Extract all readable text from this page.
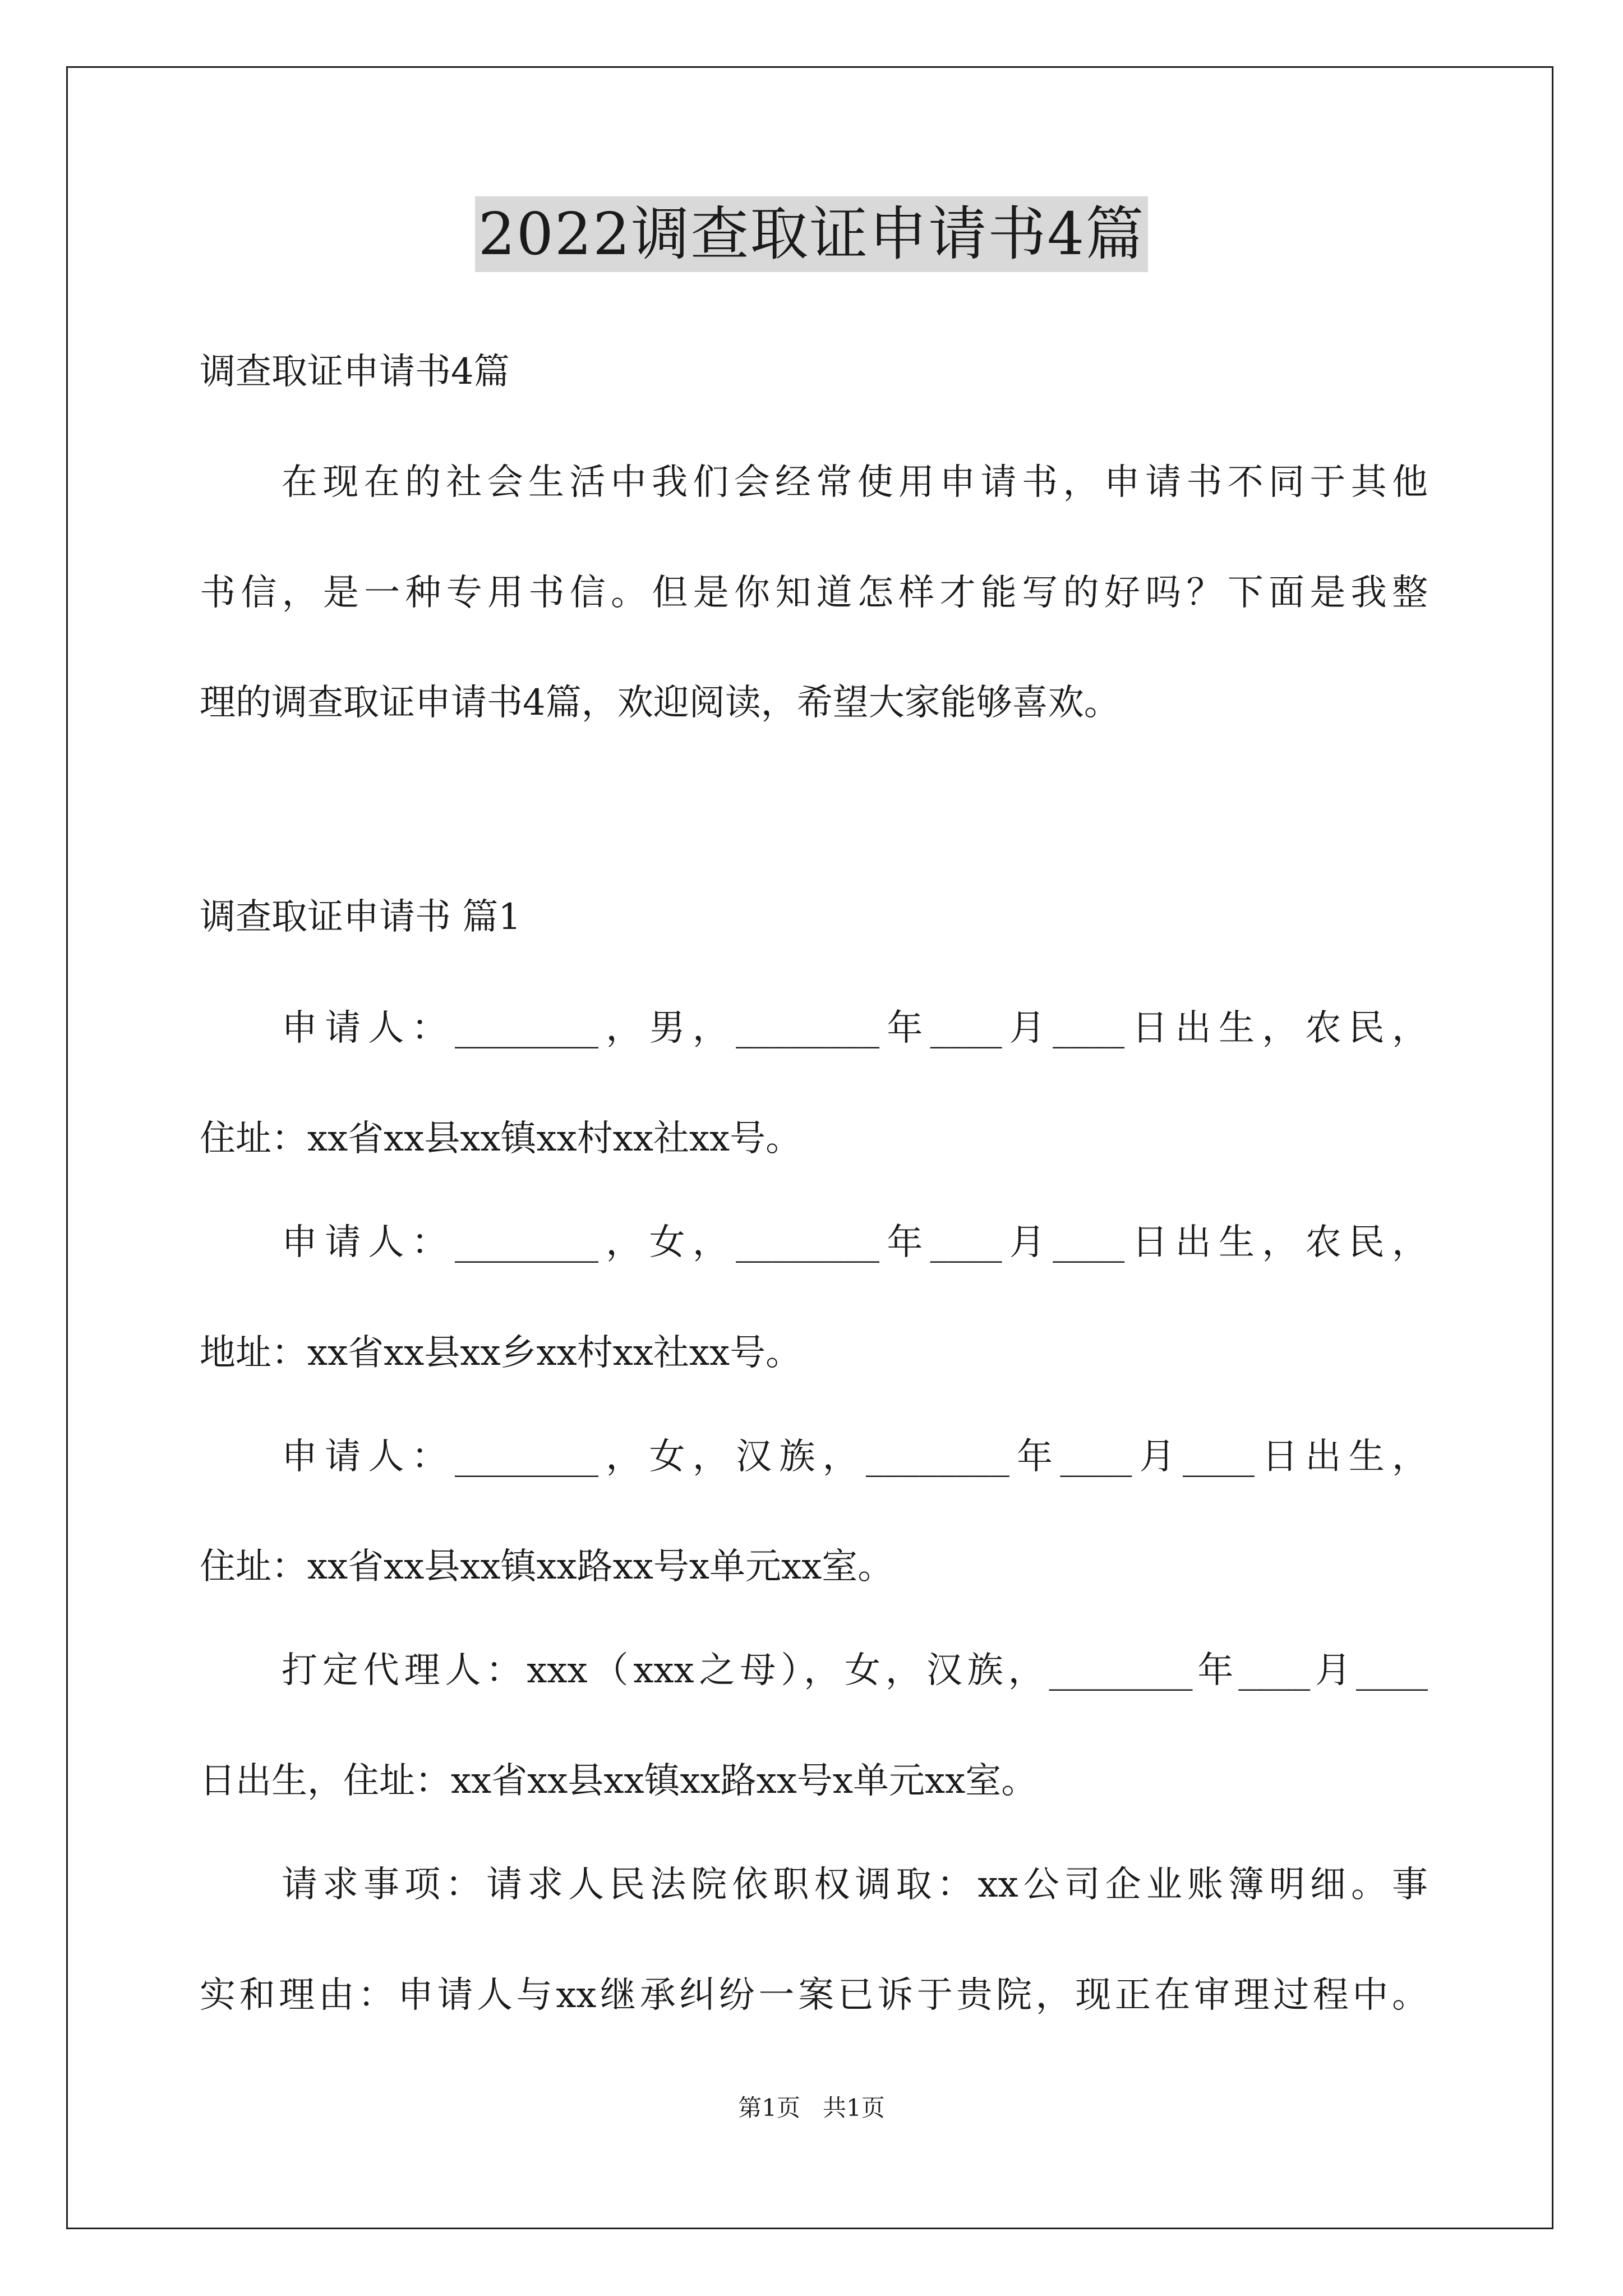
2022调查取证申请书4篇
调查取证申请书4篇
在现在的社会生活中我们会经常使用申请书，申请书不同于其他
书信，是一种专用书信。但是你知道怎样才能写的好吗？下面是我整
理的调查取证申请书4篇，欢迎阅读，希望大家能够喜欢。
调查取证申请书 篇1
申请人：________，男，________年____月____日出生，农民，
住址：xx省xx县xx镇xx村xx社xx号。
申请人：________，女，________年____月____日出生，农民，
地址：xx省xx县xx乡xx村xx社xx号。
申请人：________，女，汉族，________年____月____日出生，
住址：xx省xx县xx镇xx路xx号x单元xx室。
打定代理人：xxx（xxx之母），女，汉族，________年____月____
日出生，住址：xx省xx县xx镇xx路xx号x单元xx室。
请求事项：请求人民法院依职权调取：xx公司企业账簿明细。事
实和理由：申请人与xx继承纠纷一案已诉于贵院，现正在审理过程中。
第1页 共1页
